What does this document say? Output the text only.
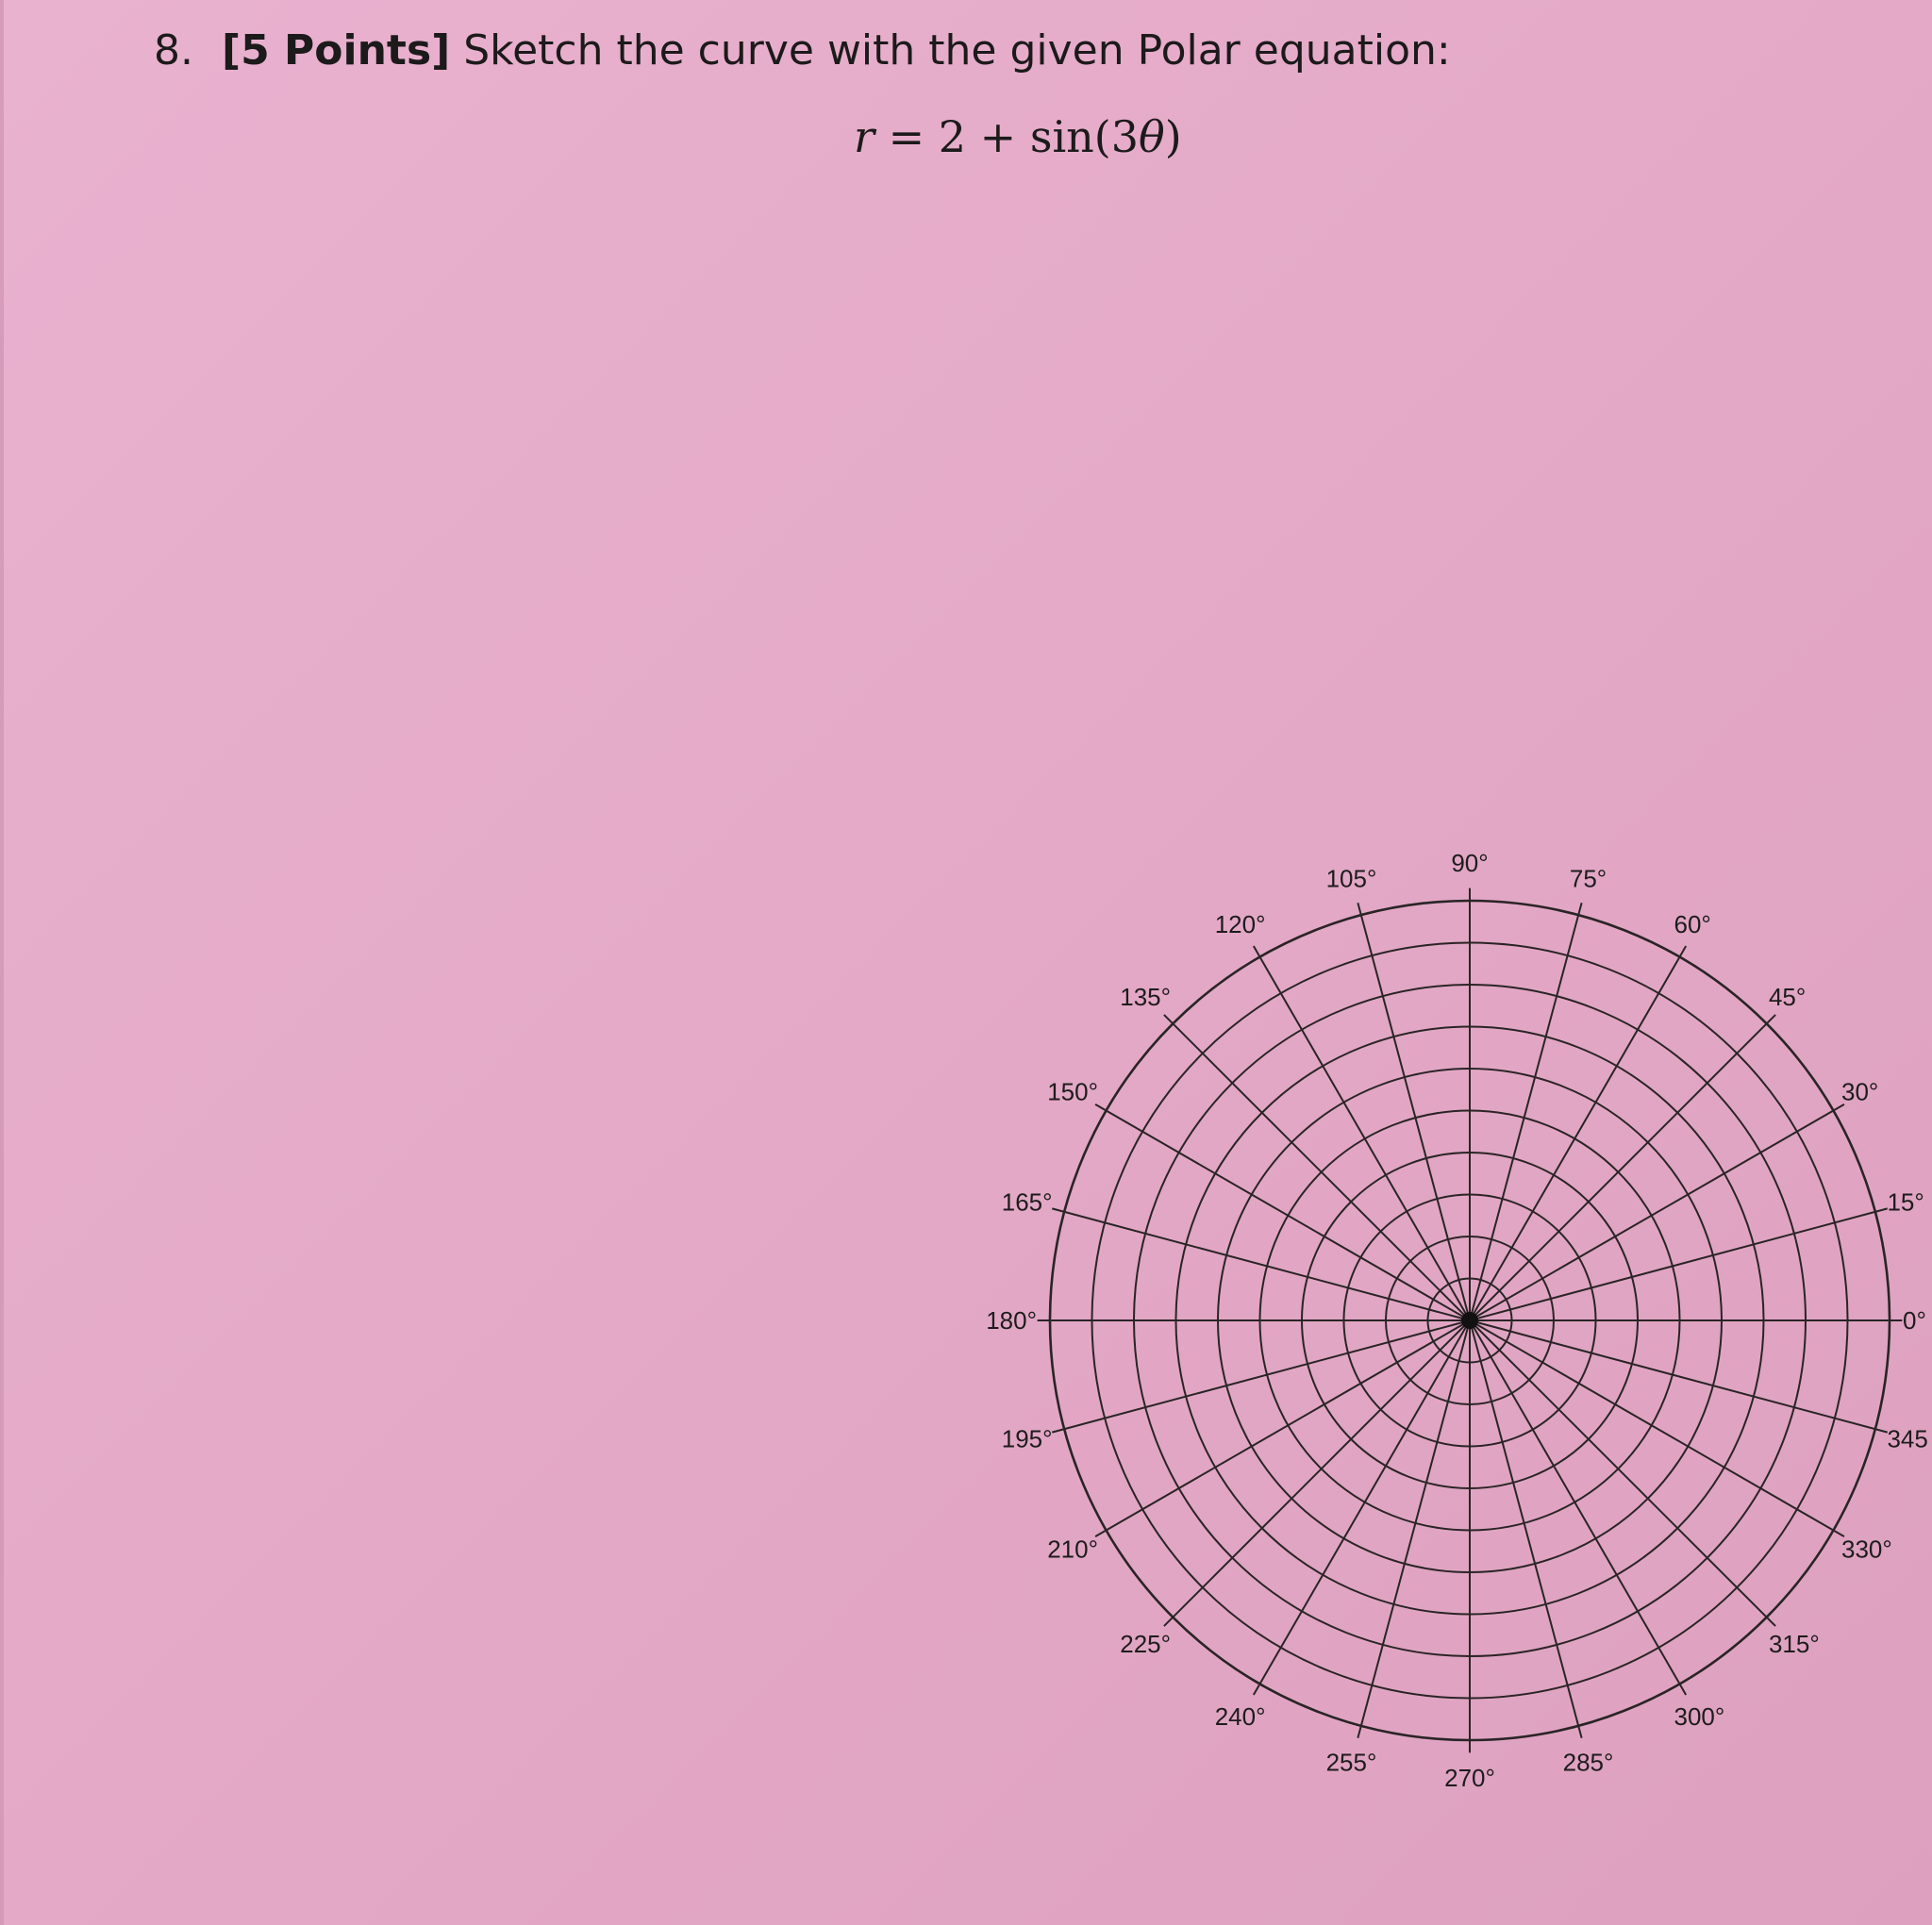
8. [5 Points] Sketch the curve with the given Polar equation:
r = 2 + sin(3θ)
0°
15°
30°
45°
60°
75°
90°
105°
120°
135°
150°
165°
180°
195°
210°
225°
240°
255°
270°
285°
300°
315°
330°
345
